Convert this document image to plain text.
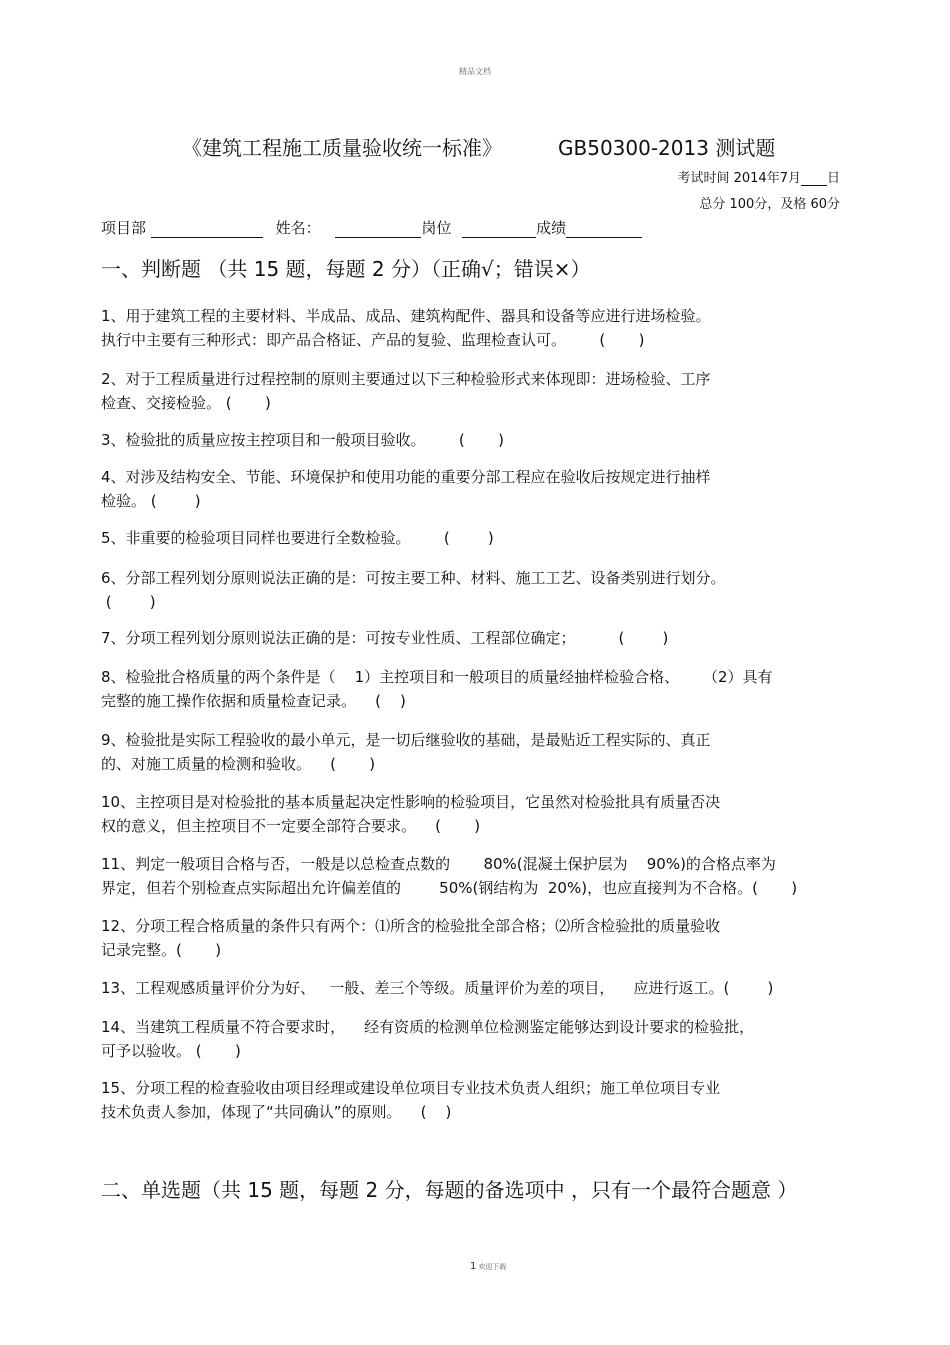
精品文档
《建筑工程施工质量验收统一标准》	GB50300-2013 测试题
考试时间 2014年7月 日
总分 100分，及格 60分
项目部	姓名：	岗位	成绩
一、判断题 （共 15 题，每题 2 分）（正确√；错误×）
1、用于建筑工程的主要材料、半成品、成品、建筑构配件、器具和设备等应进行进场检验。
执行中主要有三种形式：即产品合格证、产品的复验、监理检查认可。       (       )
2、对于工程质量进行过程控制的原则主要通过以下三种检验形式来体现即：进场检验、工序
检查、交接检验。 (       )
3、检验批的质量应按主控项目和一般项目验收。       (       )
4、对涉及结构安全、节能、环境保护和使用功能的重要分部工程应在验收后按规定进行抽样
检验。 (        )
5、非重要的检验项目同样也要进行全数检验。       (        )
6、分部工程列划分原则说法正确的是：可按主要工种、材料、施工工艺、设备类别进行划分。
(        )
7、分项工程列划分原则说法正确的是：可按专业性质、工程部位确定；         (        )
8、检验批合格质量的两个条件是（    1）主控项目和一般项目的质量经抽样检验合格、     （2）具有
完整的施工操作依据和质量检查记录。    (    )
9、检验批是实际工程验收的最小单元，是一切后继验收的基础，是最贴近工程实际的、真正
的、对施工质量的检测和验收。    (       )
10、主控项目是对检验批的基本质量起决定性影响的检验项目，它虽然对检验批具有质量否决
权的意义，但主控项目不一定要全部符合要求。    (       )
11、判定一般项目合格与否，一般是以总检查点数的       80%(混凝土保护层为    90%)的合格点率为
界定，但若个别检查点实际超出允许偏差值的        50%(钢结构为  20%)，也应直接判为不合格。(       )
12、分项工程合格质量的条件只有两个：⑴所含的检验批全部合格；⑵所含检验批的质量验收
记录完整。(       )
13、工程观感质量评价分为好、   一般、差三个等级。质量评价为差的项目，    应进行返工。(        )
14、当建筑工程质量不符合要求时，    经有资质的检测单位检测鉴定能够达到设计要求的检验批，
可予以验收。 (       )
15、分项工程的检查验收由项目经理或建设单位项目专业技术负责人组织；施工单位项目专业
技术负责人参加，体现了“共同确认”的原则。    (    )
二、单选题（共 15 题，每题 2 分，每题的备选项中 ，只有一个最符合题意 ）
1 欢迎下载
